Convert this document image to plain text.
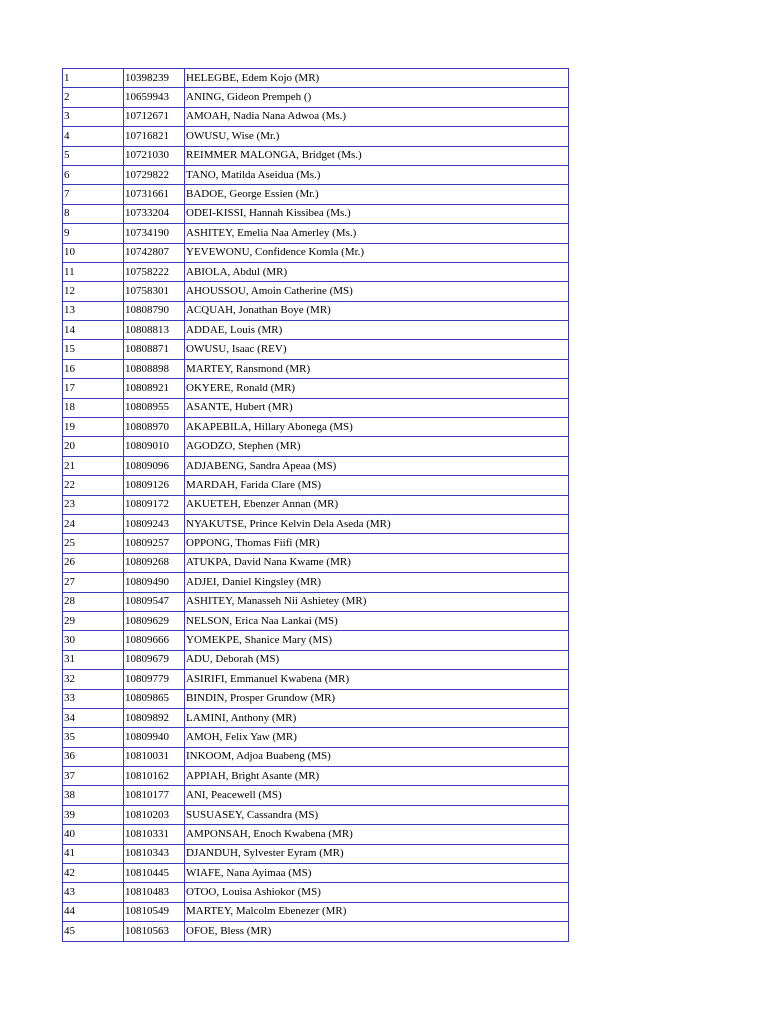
1	10398239	HELEGBE, Edem Kojo (MR)
2	10659943	ANING, Gideon Prempeh ()
3	10712671	AMOAH, Nadia Nana Adwoa (Ms.)
4	10716821	OWUSU, Wise (Mr.)
5	10721030	REIMMER MALONGA, Bridget (Ms.)
6	10729822	TANO, Matilda Aseidua (Ms.)
7	10731661	BADOE, George Essien (Mr.)
8	10733204	ODEI-KISSI, Hannah Kissibea (Ms.)
9	10734190	ASHITEY, Emelia Naa Amerley (Ms.)
10	10742807	YEVEWONU, Confidence Komla (Mr.)
11	10758222	ABIOLA, Abdul (MR)
12	10758301	AHOUSSOU, Amoin Catherine (MS)
13	10808790	ACQUAH, Jonathan Boye (MR)
14	10808813	ADDAE, Louis (MR)
15	10808871	OWUSU, Isaac (REV)
16	10808898	MARTEY, Ransmond (MR)
17	10808921	OKYERE, Ronald (MR)
18	10808955	ASANTE, Hubert (MR)
19	10808970	AKAPEBILA, Hillary Abonega (MS)
20	10809010	AGODZO, Stephen (MR)
21	10809096	ADJABENG, Sandra Apeaa (MS)
22	10809126	MARDAH, Farida Clare (MS)
23	10809172	AKUETEH, Ebenzer Annan (MR)
24	10809243	NYAKUTSE, Prince Kelvin Dela Aseda (MR)
25	10809257	OPPONG, Thomas Fiifi (MR)
26	10809268	ATUKPA, David Nana Kwame (MR)
27	10809490	ADJEI, Daniel Kingsley (MR)
28	10809547	ASHITEY, Manasseh Nii Ashietey (MR)
29	10809629	NELSON, Erica Naa Lankai (MS)
30	10809666	YOMEKPE, Shanice Mary (MS)
31	10809679	ADU, Deborah (MS)
32	10809779	ASIRIFI, Emmanuel Kwabena (MR)
33	10809865	BINDIN, Prosper Grundow (MR)
34	10809892	LAMINI, Anthony (MR)
35	10809940	AMOH, Felix Yaw (MR)
36	10810031	INKOOM, Adjoa Buabeng (MS)
37	10810162	APPIAH, Bright Asante (MR)
38	10810177	ANI, Peacewell (MS)
39	10810203	SUSUASEY, Cassandra (MS)
40	10810331	AMPONSAH, Enoch Kwabena (MR)
41	10810343	DJANDUH, Sylvester Eyram (MR)
42	10810445	WIAFE, Nana Ayimaa (MS)
43	10810483	OTOO, Louisa Ashiokor (MS)
44	10810549	MARTEY, Malcolm Ebenezer (MR)
45	10810563	OFOE, Bless (MR)
